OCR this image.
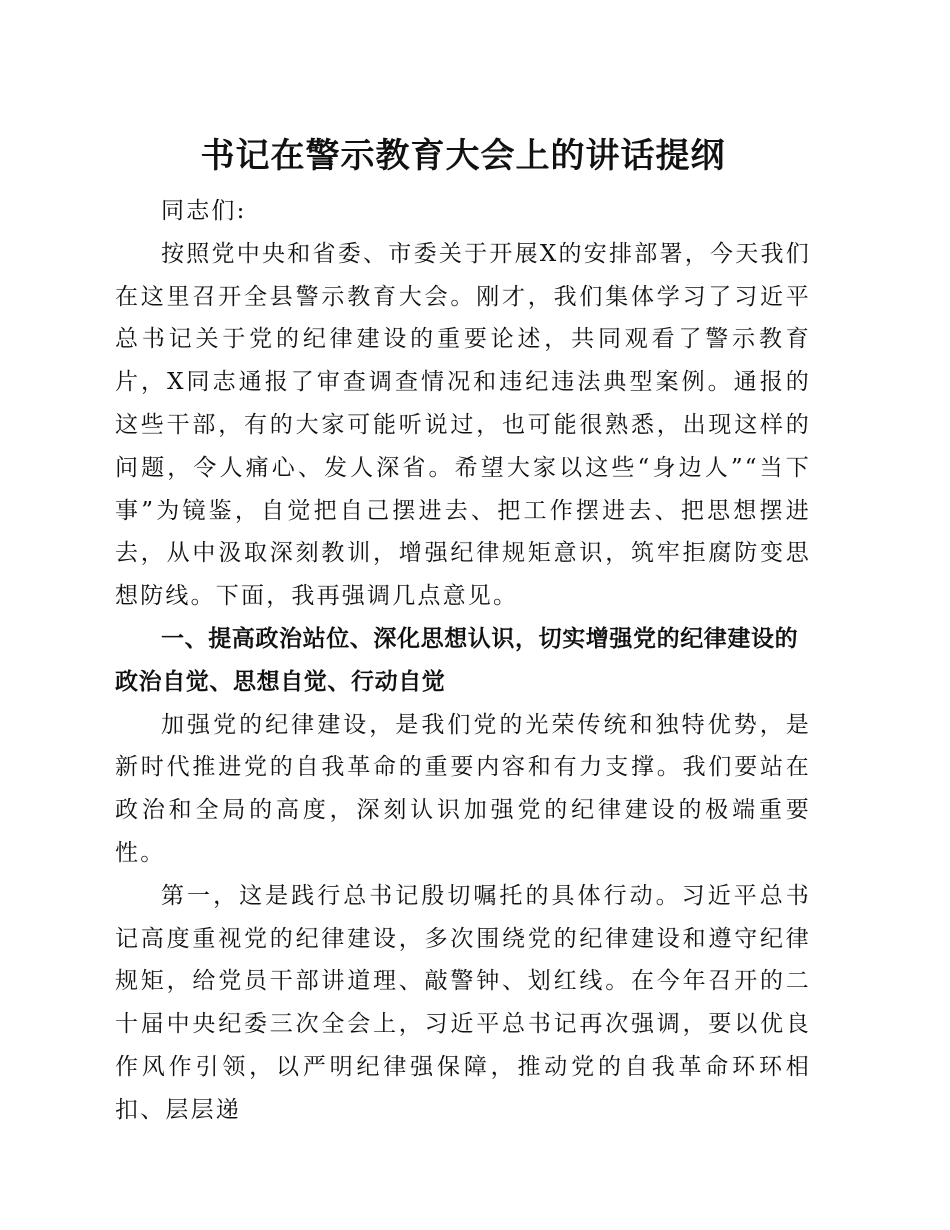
书记在警示教育大会上的讲话提纲

同志们:

按照党中央和省委、市委关于开展X的安排部署，今天我们在这里召开全县警示教育大会。刚才，我们集体学习了习近平总书记关于党的纪律建设的重要论述，共同观看了警示教育片，X同志通报了审查调查情况和违纪违法典型案例。通报的这些干部，有的大家可能听说过，也可能很熟悉，出现这样的问题，令人痛心、发人深省。希望大家以这些“身边人”“当下事”为镜鉴，自觉把自己摆进去、把工作摆进去、把思想摆进去，从中汲取深刻教训，增强纪律规矩意识，筑牢拒腐防变思想防线。下面，我再强调几点意见。

一、提高政治站位、深化思想认识，切实增强党的纪律建设的政治自觉、思想自觉、行动自觉

加强党的纪律建设，是我们党的光荣传统和独特优势，是新时代推进党的自我革命的重要内容和有力支撑。我们要站在政治和全局的高度，深刻认识加强党的纪律建设的极端重要性。

第一，这是践行总书记殷切嘱托的具体行动。习近平总书记高度重视党的纪律建设，多次围绕党的纪律建设和遵守纪律规矩，给党员干部讲道理、敲警钟、划红线。在今年召开的二十届中央纪委三次全会上，习近平总书记再次强调，要以优良作风作引领，以严明纪律强保障，推动党的自我革命环环相扣、层层递
